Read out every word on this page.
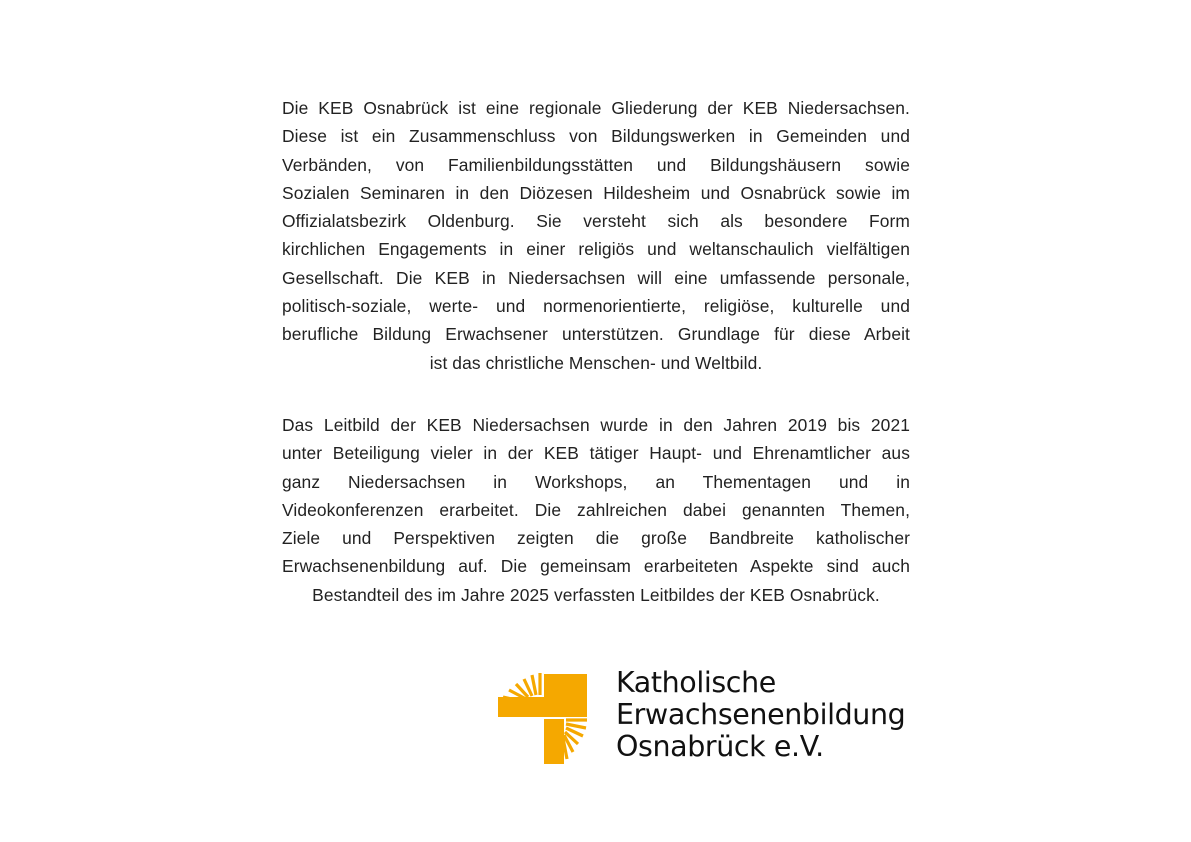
Die KEB Osnabrück ist eine regionale Gliederung der KEB Niedersachsen.
Diese ist ein Zusammenschluss von Bildungswerken in Gemeinden und
Verbänden, von Familienbildungsstätten und Bildungshäusern sowie
Sozialen Seminaren in den Diözesen Hildesheim und Osnabrück sowie im
Offizialatsbezirk Oldenburg. Sie versteht sich als besondere Form
kirchlichen Engagements in einer religiös und weltanschaulich vielfältigen
Gesellschaft. Die KEB in Niedersachsen will eine umfassende personale,
politisch-soziale, werte- und normenorientierte, religiöse, kulturelle und
berufliche Bildung Erwachsener unterstützen. Grundlage für diese Arbeit
ist das christliche Menschen- und Weltbild.

Das Leitbild der KEB Niedersachsen wurde in den Jahren 2019 bis 2021
unter Beteiligung vieler in der KEB tätiger Haupt- und Ehrenamtlicher aus
ganz Niedersachsen in Workshops, an Thementagen und in
Videokonferenzen erarbeitet. Die zahlreichen dabei genannten Themen,
Ziele und Perspektiven zeigten die große Bandbreite katholischer
Erwachsenenbildung auf. Die gemeinsam erarbeiteten Aspekte sind auch
Bestandteil des im Jahre 2025 verfassten Leitbildes der KEB Osnabrück.

Katholische
Erwachsenenbildung
Osnabrück e.V.
